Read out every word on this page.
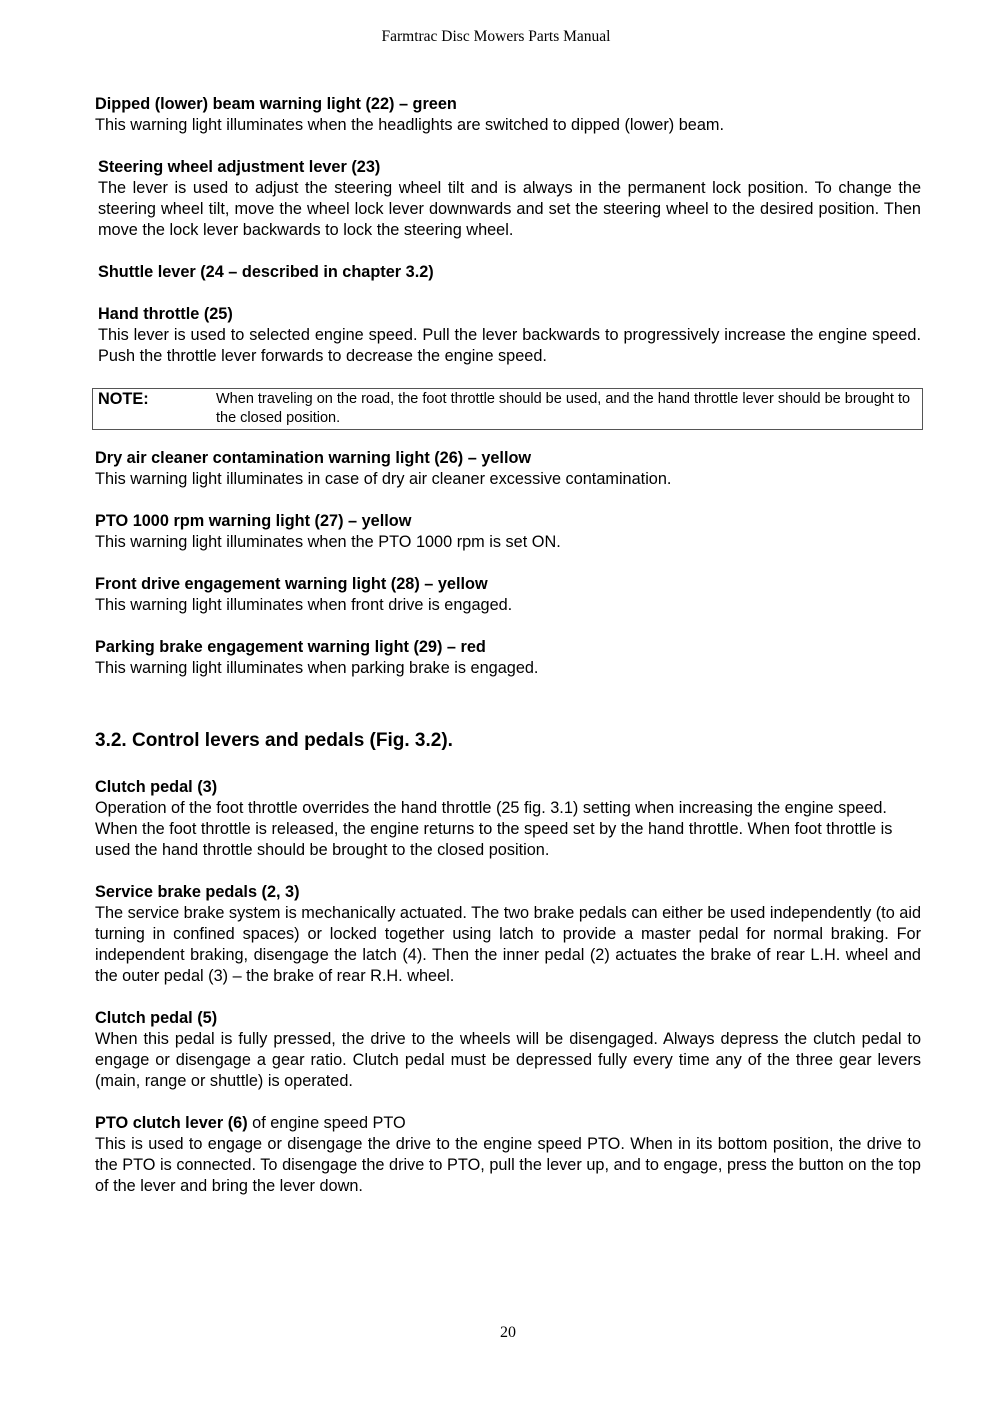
Farmtrac Disc Mowers Parts Manual
Dipped (lower) beam warning light (22) – green

This warning light illuminates when the headlights are switched to dipped (lower) beam.

Steering wheel adjustment lever (23)

The lever is used to adjust the steering wheel tilt and is always in the permanent lock position. To change the steering wheel tilt, move the wheel lock lever downwards and set the steering wheel to the desired position. Then move the lock lever backwards to lock the steering wheel.

Shuttle lever (24 – described in chapter 3.2)
Hand throttle (25)

This lever is used to selected engine speed. Pull the lever backwards to progressively increase the engine speed. Push the throttle lever forwards to decrease the engine speed.

NOTE:	When traveling on the road, the foot throttle should be used, and the hand throttle lever should be brought to the closed position.
Dry air cleaner contamination warning light (26) – yellow

This warning light illuminates in case of dry air cleaner excessive contamination.

PTO 1000 rpm warning light (27) – yellow

This warning light illuminates when the PTO 1000 rpm is set ON.

Front drive engagement warning light (28) – yellow

This warning light illuminates when front drive is engaged.

Parking brake engagement warning light (29) – red

This warning light illuminates when parking brake is engaged.

3.2. Control levers and pedals (Fig. 3.2).
Clutch pedal (3)

Operation of the foot throttle overrides the hand throttle (25 fig. 3.1) setting when increasing the engine speed. When the foot throttle is released, the engine returns to the speed set by the hand throttle. When foot throttle is used the hand throttle should be brought to the closed position.

Service brake pedals (2, 3)

The service brake system is mechanically actuated. The two brake pedals can either be used independently (to aid turning in confined spaces) or locked together using latch to provide a master pedal for normal braking. For independent braking, disengage the latch (4). Then the inner pedal (2) actuates the brake of rear L.H. wheel and the outer pedal (3) – the brake of rear R.H. wheel.

Clutch pedal (5)

When this pedal is fully pressed, the drive to the wheels will be disengaged. Always depress the clutch pedal to engage or disengage a gear ratio. Clutch pedal must be depressed fully every time any of the three gear levers (main, range or shuttle) is operated.

PTO clutch lever (6) of engine speed PTO

This is used to engage or disengage the drive to the engine speed PTO. When in its bottom position, the drive to the PTO is connected. To disengage the drive to PTO, pull the lever up, and to engage, press the button on the top of the lever and bring the lever down.

20
